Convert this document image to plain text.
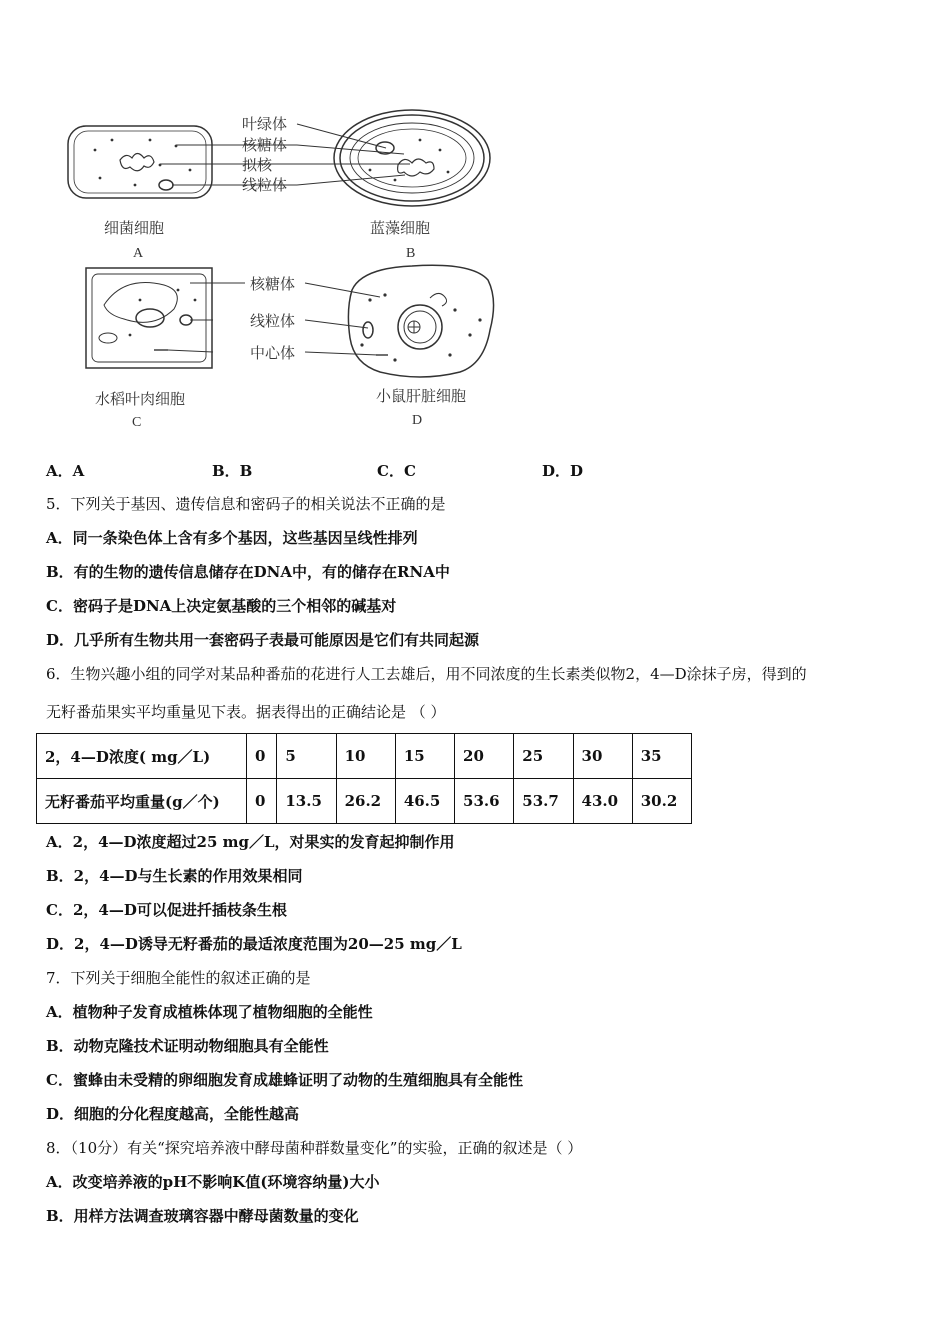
叶绿体
核糖体
拟核
线粒体
核糖体
线粒体
中心体
细菌细胞
A
蓝藻细胞
B
水稻叶肉细胞
C
小鼠肝脏细胞
D
A．A	B．B	C．C	D．D
5．下列关于基因、遗传信息和密码子的相关说法不正确的是
A．同一条染色体上含有多个基因，这些基因呈线性排列
B．有的生物的遗传信息储存在DNA中，有的储存在RNA中
C．密码子是DNA上决定氨基酸的三个相邻的碱基对
D．几乎所有生物共用一套密码子表最可能原因是它们有共同起源
6．生物兴趣小组的同学对某品种番茄的花进行人工去雄后，用不同浓度的生长素类似物2，4—D涂抹子房，得到的
无籽番茄果实平均重量见下表。据表得出的正确结论是 （ ）
2，4—D浓度( mg／L)	0	5	10	15	20	25	30	35
无籽番茄平均重量(g／个)	0	13.5	26.2	46.5	53.6	53.7	43.0	30.2
A．2，4—D浓度超过25 mg／L，对果实的发育起抑制作用
B．2，4—D与生长素的作用效果相同
C．2，4—D可以促进扦插枝条生根
D．2，4—D诱导无籽番茄的最适浓度范围为20—25 mg／L
7．下列关于细胞全能性的叙述正确的是
A．植物种子发育成植株体现了植物细胞的全能性
B．动物克隆技术证明动物细胞具有全能性
C．蜜蜂由未受精的卵细胞发育成雄蜂证明了动物的生殖细胞具有全能性
D．细胞的分化程度越高，全能性越高
8．（10分）有关“探究培养液中酵母菌种群数量变化”的实验，正确的叙述是（ ）
A．改变培养液的pH不影响K值(环境容纳量)大小
B．用样方法调查玻璃容器中酵母菌数量的变化
